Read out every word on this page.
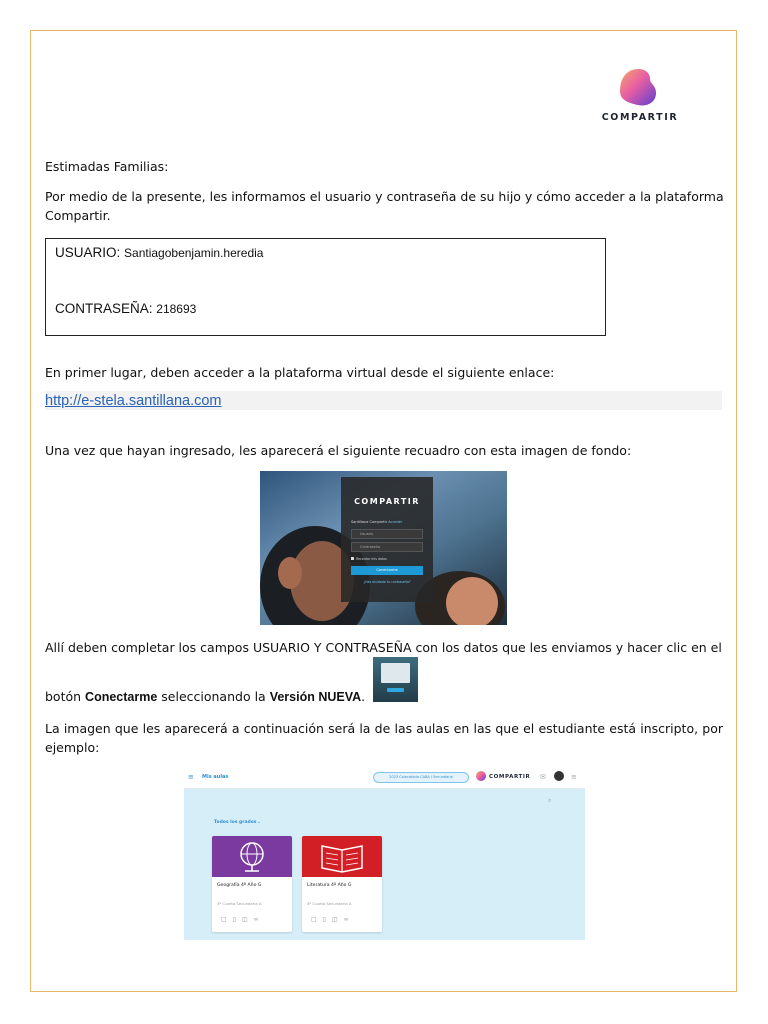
COMPARTIR
Estimadas Familias:
Por medio de la presente, les informamos el usuario y contraseña de su hijo y cómo acceder a la plataforma Compartir.
USUARIO: Santiagobenjamin.heredia
CONTRASEÑA: 218693
En primer lugar, deben acceder a la plataforma virtual desde el siguiente enlace:
http://e-stela.santillana.com
Una vez que hayan ingresado, les aparecerá el siguiente recuadro con esta imagen de fondo:
COMPARTIR
Santillana Compartir Acceder
Usuario
Contraseña
Recordar mis datos
Conectarme
¿Has olvidado tu contraseña?
Allí deben completar los campos USUARIO Y CONTRASEÑA con los datos que les enviamos y hacer clic en el
botón Conectarme seleccionando la Versión NUEVA.
La imagen que les aparecerá a continuación será la de las aulas en las que el estudiante está inscripto, por ejemplo:
≡ Mis aulas	2023 Colecatorio CABA / Secundaria	COMPARTIR ✉	≡
⌕
Todos los grados ⌄
Geografía 4º Año G
4º Cuarto Secundaria A
□▯◫∞
Literatura 4º Año G
4º Cuarto Secundaria A
□▯◫∞
